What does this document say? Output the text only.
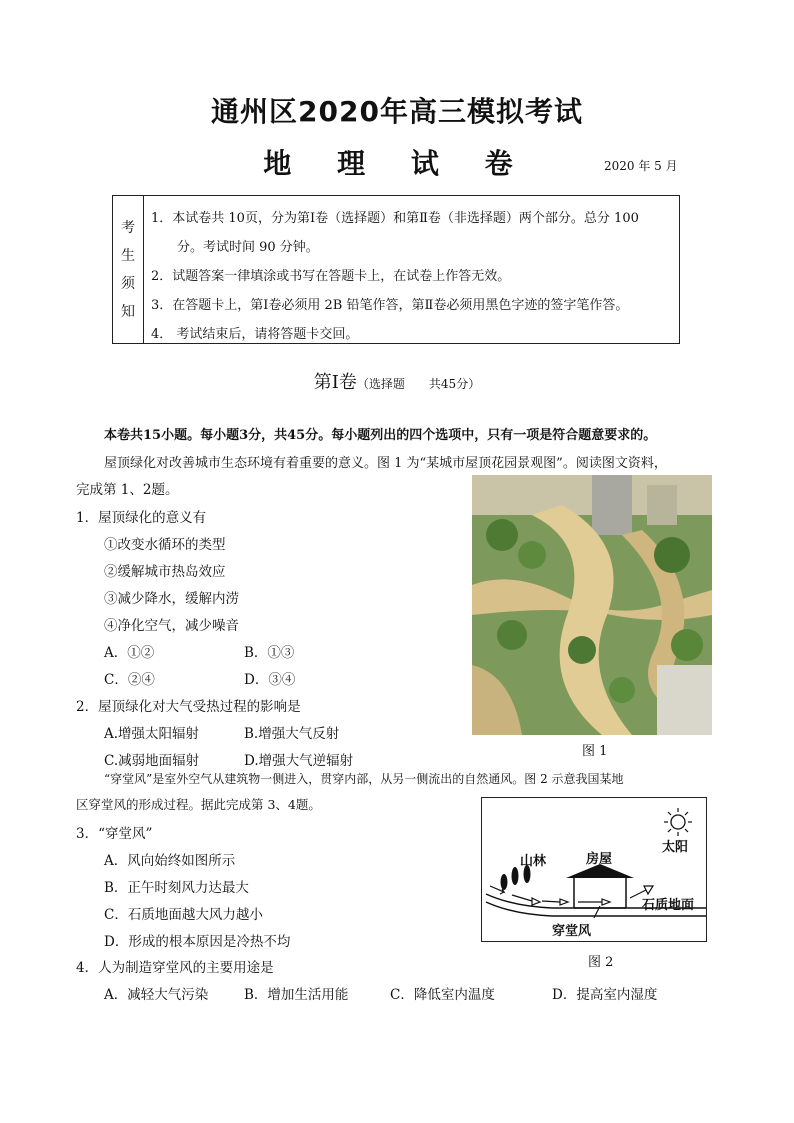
通州区2020年高三模拟考试
地 理 试 卷	2020 年 5 月
考
生
须
知
1．本试卷共 10页，分为第Ⅰ卷（选择题）和第Ⅱ卷（非选择题）两个部分。总分 100
分。考试时间 90 分钟。
2．试题答案一律填涂或书写在答题卡上，在试卷上作答无效。
3．在答题卡上，第Ⅰ卷必须用 2B 铅笔作答，第Ⅱ卷必须用黑色字迹的签字笔作答。
4． 考试结束后，请将答题卡交回。
第Ⅰ卷（选择题　　共45分）
本卷共15小题。每小题3分，共45分。每小题列出的四个选项中，只有一项是符合题意要求的。
屋顶绿化对改善城市生态环境有着重要的意义。图 1 为“某城市屋顶花园景观图”。阅读图文资料，
完成第 1、2题。
1．屋顶绿化的意义有
①改变水循环的类型
②缓解城市热岛效应
③减少降水，缓解内涝
④净化空气，减少噪音
A．①②	B．①③
C．②④	D．③④
2．屋顶绿化对大气受热过程的影响是
A.增强太阳辐射	B.增强大气反射
C.减弱地面辐射	D.增强大气逆辐射
图 1
“穿堂风”是室外空气从建筑物一侧进入，贯穿内部，从另一侧流出的自然通风。图 2 示意我国某地
区穿堂风的形成过程。据此完成第 3、4题。
3．“穿堂风”
A．风向始终如图所示
B．正午时刻风力达最大
C．石质地面越大风力越小
D．形成的根本原因是冷热不均
山林	房屋
太阳
石质地面
穿堂风
图 2
4．人为制造穿堂风的主要用途是
A．减轻大气污染	B．增加生活用能	C．降低室内温度	D．提高室内湿度
